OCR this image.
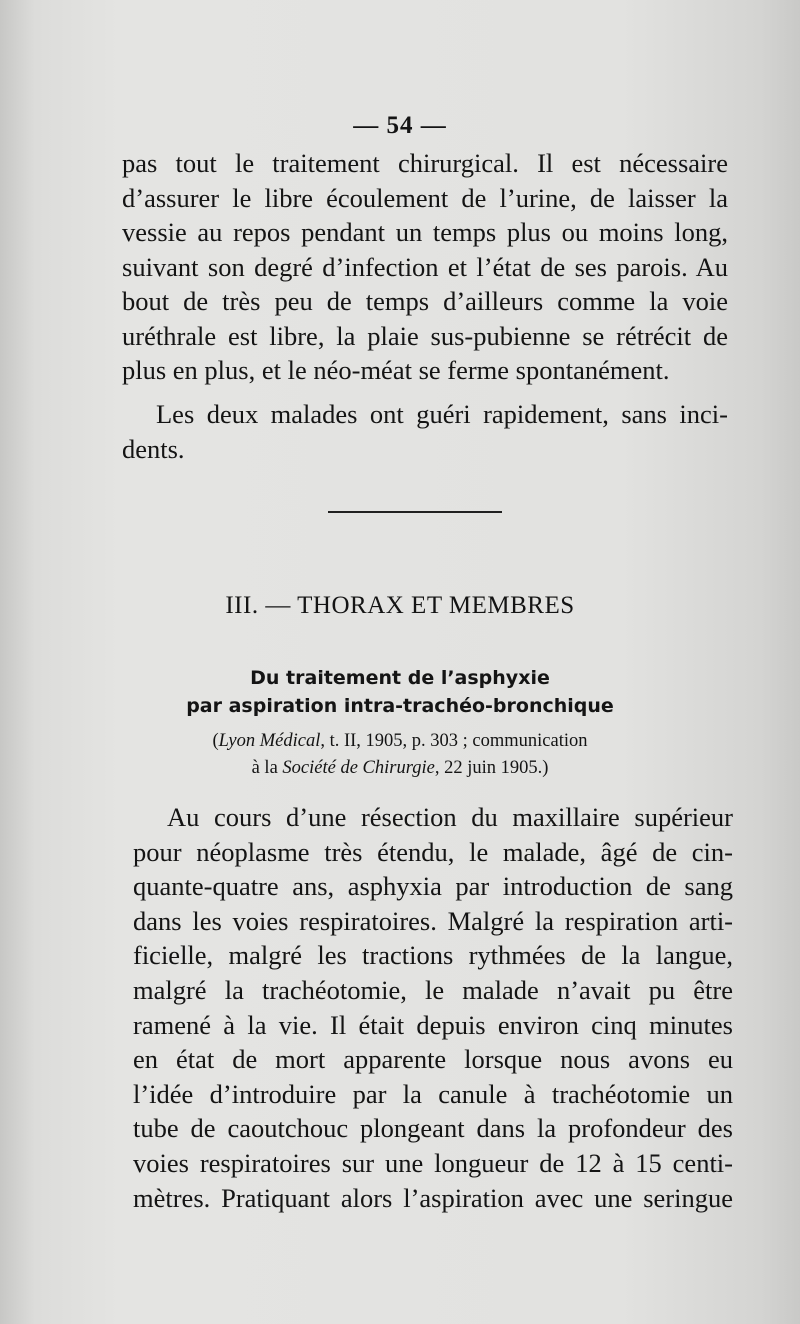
— 54 —
pas tout le traitement chirurgical. Il est nécessaire
d’assurer le libre écoulement de l’urine, de laisser la
vessie au repos pendant un temps plus ou moins long,
suivant son degré d’infection et l’état de ses parois. Au
bout de très peu de temps d’ailleurs comme la voie
uréthrale est libre, la plaie sus-pubienne se rétrécit de
plus en plus, et le néo-méat se ferme spontanément.
Les deux malades ont guéri rapidement, sans inci-
dents.
III. — THORAX ET MEMBRES
Du traitement de l’asphyxie
par aspiration intra-trachéo-bronchique
(Lyon Médical, t. II, 1905, p. 303 ; communication
à la Société de Chirurgie, 22 juin 1905.)
Au cours d’une résection du maxillaire supérieur
pour néoplasme très étendu, le malade, âgé de cin-
quante-quatre ans, asphyxia par introduction de sang
dans les voies respiratoires. Malgré la respiration arti-
ficielle, malgré les tractions rythmées de la langue,
malgré la trachéotomie, le malade n’avait pu être
ramené à la vie. Il était depuis environ cinq minutes
en état de mort apparente lorsque nous avons eu
l’idée d’introduire par la canule à trachéotomie un
tube de caoutchouc plongeant dans la profondeur des
voies respiratoires sur une longueur de 12 à 15 centi-
mètres. Pratiquant alors l’aspiration avec une seringue
